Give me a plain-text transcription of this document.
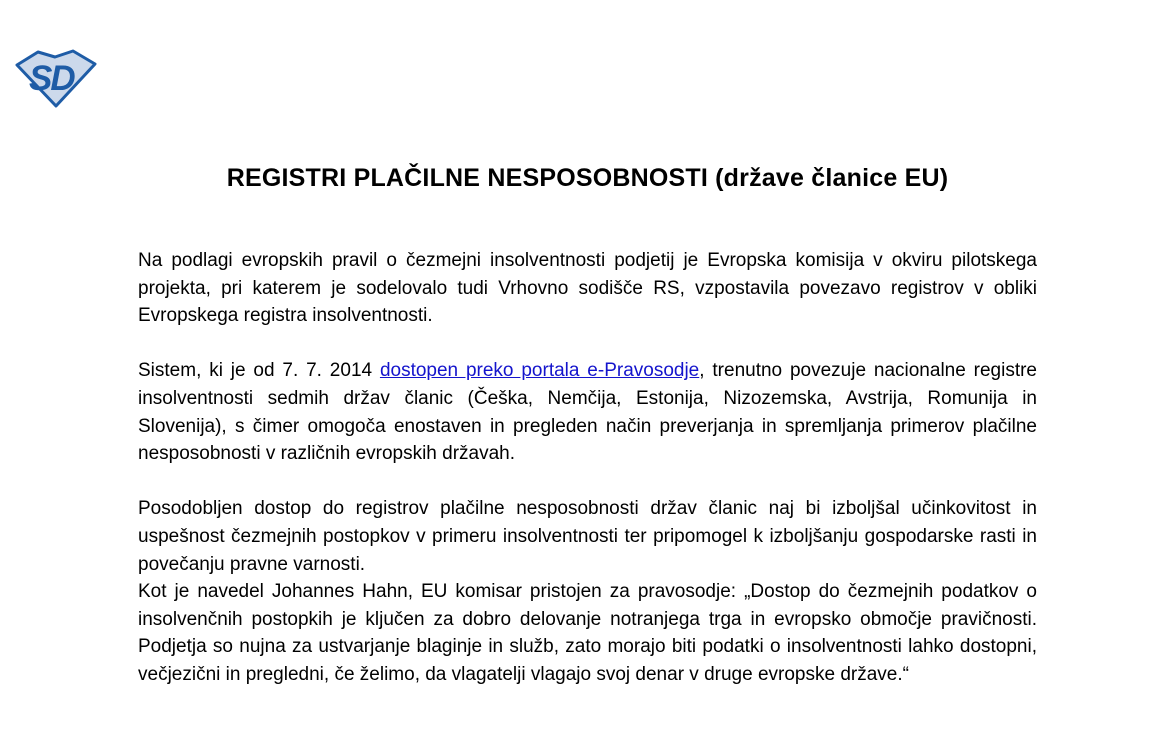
SD
REGISTRI PLAČILNE NESPOSOBNOSTI (države članice EU)

Na podlagi evropskih pravil o čezmejni insolventnosti podjetij je Evropska komisija v okviru pilotskega projekta, pri katerem je sodelovalo tudi Vrhovno sodišče RS, vzpostavila povezavo registrov v obliki Evropskega registra insolventnosti.

Sistem, ki je od 7. 7. 2014 dostopen preko portala e-Pravosodje, trenutno povezuje nacionalne registre insolventnosti sedmih držav članic (Češka, Nemčija, Estonija, Nizozemska, Avstrija, Romunija in Slovenija), s čimer omogoča enostaven in pregleden način preverjanja in spremljanja primerov plačilne nesposobnosti v različnih evropskih državah.

Posodobljen dostop do registrov plačilne nesposobnosti držav članic naj bi izboljšal učinkovitost in uspešnost čezmejnih postopkov v primeru insolventnosti ter pripomogel k izboljšanju gospodarske rasti in povečanju pravne varnosti.

Kot je navedel Johannes Hahn, EU komisar pristojen za pravosodje: „Dostop do čezmejnih podatkov o insolvenčnih postopkih je ključen za dobro delovanje notranjega trga in evropsko območje pravičnosti. Podjetja so nujna za ustvarjanje blaginje in služb, zato morajo biti podatki o insolventnosti lahko dostopni, večjezični in pregledni, če želimo, da vlagatelji vlagajo svoj denar v druge evropske države.“
